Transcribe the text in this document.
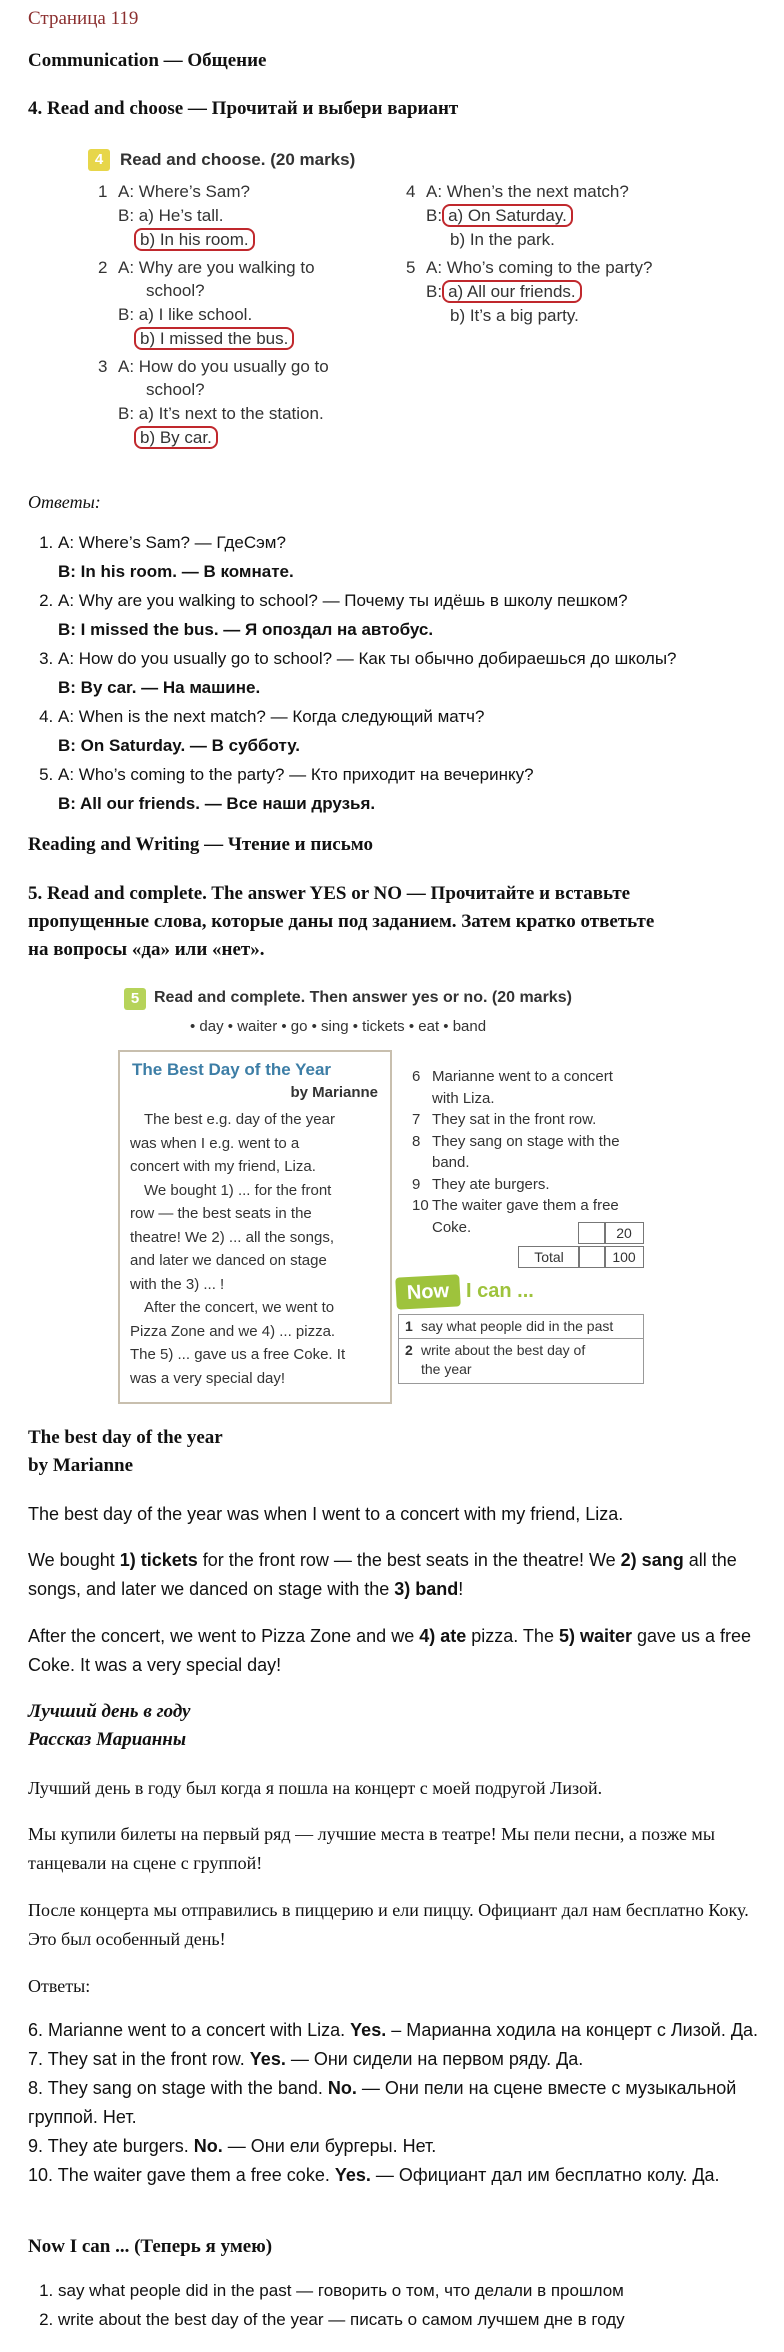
Страница 119
Communication — Общение
4. Read and choose — Прочитай и выбери вариант
4 Read and choose. (20 marks)
1 A: Where’s Sam?
B: a) He’s tall.
b) In his room.
2 A: Why are you walking to
school?
B: a) I like school.
b) I missed the bus.
3 A: How do you usually go to
school?
B: a) It’s next to the station.
b) By car.
4 A: When’s the next match?
B: a) On Saturday.
b) In the park.
5 A: Who’s coming to the party?
B: a) All our friends.
b) It’s a big party.
Ответы:
1. A: Where’s Sam? — ГдеСэм?
B: In his room. — В комнате.
2. A: Why are you walking to school? — Почему ты идёшь в школу пешком?
B: I missed the bus. — Я опоздал на автобус.
3. A: How do you usually go to school? — Как ты обычно добираешься до школы?
B: By car. — На машине.
4. A: When is the next match? — Когда следующий матч?
B: On Saturday. — В субботу.
5. A: Who’s coming to the party? — Кто приходит на вечеринку?
B: All our friends. — Все наши друзья.
Reading and Writing — Чтение и письмо
5. Read and complete. The answer YES or NO — Прочитайте и вставьте
пропущенные слова, которые даны под заданием. Затем кратко ответьте
на вопросы «да» или «нет».
5 Read and complete. Then answer yes or no. (20 marks)
• day • waiter • go • sing • tickets • eat • band
The Best Day of the Year
by Marianne
The best e.g. day of the year
was when I e.g. went to a
concert with my friend, Liza.
We bought 1) ... for the front
row — the best seats in the
theatre! We 2) ... all the songs,
and later we danced on stage
with the 3) ... !
After the concert, we went to
Pizza Zone and we 4) ... pizza.
The 5) ... gave us a free Coke. It
was a very special day!
6 Marianne went to a concert
with Liza.
7 They sat in the front row.
8 They sang on stage with the
band.
9 They ate burgers.
10 The waiter gave them a free
Coke.	20
Total	100
Now I can ...
1 say what people did in the past
2 write about the best day of
the year
The best day of the year
by Marianne
The best day of the year was when I went to a concert with my friend, Liza.
We bought 1) tickets for the front row — the best seats in the theatre! We 2) sang all the songs, and later we danced on stage with the 3) band!
After the concert, we went to Pizza Zone and we 4) ate pizza. The 5) waiter gave us a free Coke. It was a very special day!
Лучший день в году
Рассказ Марианны
Лучший день в году был когда я пошла на концерт с моей подругой Лизой.
Мы купили билеты на первый ряд — лучшие места в театре! Мы пели песни, а позже мы танцевали на сцене с группой!
После концерта мы отправились в пиццерию и ели пиццу. Официант дал нам бесплатно Коку. Это был особенный день!
Ответы:
6. Marianne went to a concert with Liza. Yes. – Марианна ходила на концерт с Лизой. Да.
7. They sat in the front row. Yes. — Они сидели на первом ряду. Да.
8. They sang on stage with the band. No. — Они пели на сцене вместе с музыкальной группой. Нет.
9. They ate burgers. No. — Они ели бургеры. Нет.
10. The waiter gave them a free coke. Yes. — Официант дал им бесплатно колу. Да.
Now I can ... (Теперь я умею)
1. say what people did in the past — говорить о том, что делали в прошлом
2. write about the best day of the year — писать о самом лучшем дне в году
